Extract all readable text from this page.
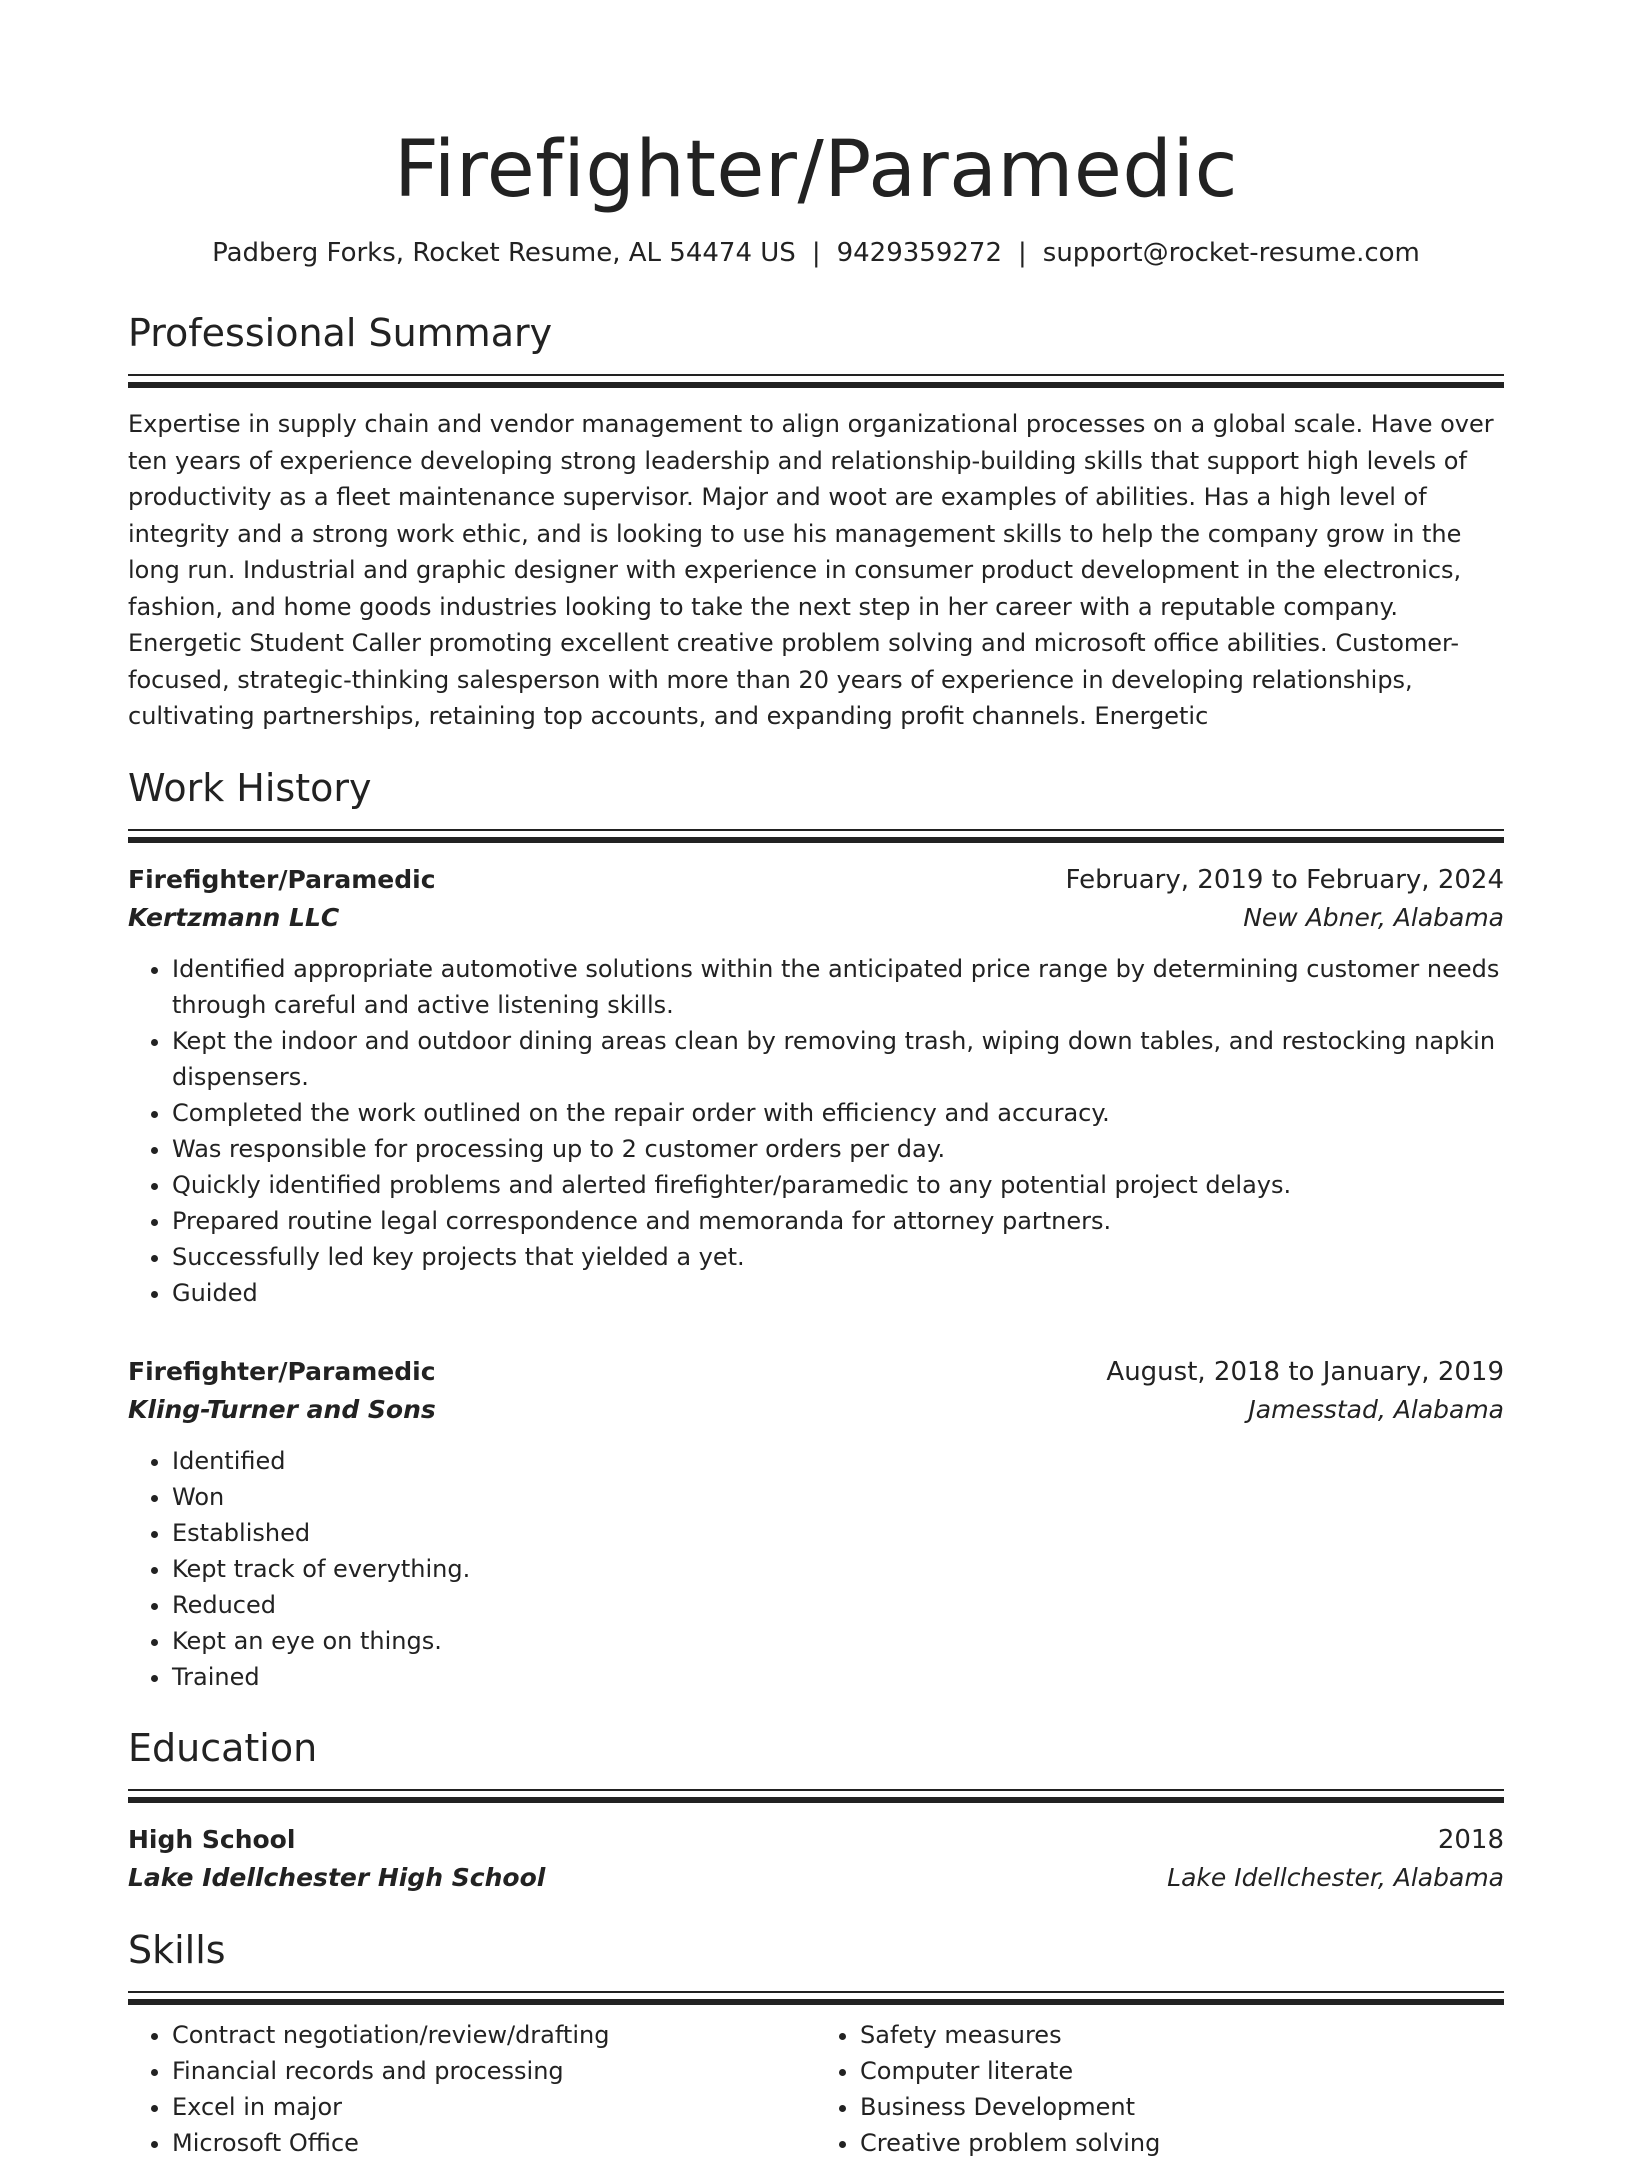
Firefighter/Paramedic
Padberg Forks, Rocket Resume, AL 54474 US | 9429359272 | support@rocket-resume.com
Professional Summary

Expertise in supply chain and vendor management to align organizational processes on a global scale. Have over ten years of experience developing strong leadership and relationship-building skills that support high levels of productivity as a fleet maintenance supervisor. Major and woot are examples of abilities. Has a high level of integrity and a strong work ethic, and is looking to use his management skills to help the company grow in the long run. Industrial and graphic designer with experience in consumer product development in the electronics, fashion, and home goods industries looking to take the next step in her career with a reputable company. Energetic Student Caller promoting excellent creative problem solving and microsoft office abilities. Customer-focused, strategic-thinking salesperson with more than 20 years of experience in developing relationships, cultivating partnerships, retaining top accounts, and expanding profit channels. Energetic

Work History
Firefighter/Paramedic	February, 2019 to February, 2024
Kertzmann LLC	New Abner, Alabama
• Identified appropriate automotive solutions within the anticipated price range by determining customer needs through careful and active listening skills.
• Kept the indoor and outdoor dining areas clean by removing trash, wiping down tables, and restocking napkin dispensers.
• Completed the work outlined on the repair order with efficiency and accuracy.
• Was responsible for processing up to 2 customer orders per day.
• Quickly identified problems and alerted firefighter/paramedic to any potential project delays.
• Prepared routine legal correspondence and memoranda for attorney partners.
• Successfully led key projects that yielded a yet.
• Guided
Firefighter/Paramedic	August, 2018 to January, 2019
Kling-Turner and Sons	Jamesstad, Alabama
• Identified
• Won
• Established
• Kept track of everything.
• Reduced
• Kept an eye on things.
• Trained
Education
High School	2018
Lake Idellchester High School	Lake Idellchester, Alabama
Skills
• Contract negotiation/review/drafting
• Financial records and processing
• Excel in major
• Microsoft Office
• Safety measures
• Computer literate
• Business Development
• Creative problem solving
